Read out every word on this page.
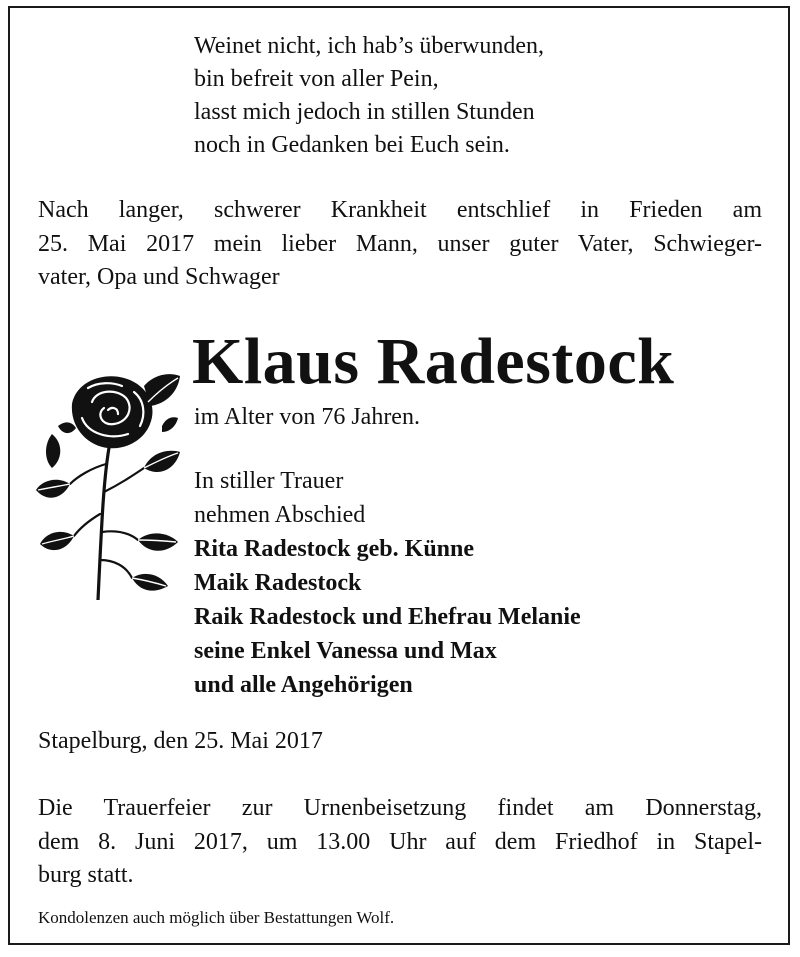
Weinet nicht, ich hab’s überwunden,
bin befreit von aller Pein,
lasst mich jedoch in stillen Stunden
noch in Gedanken bei Euch sein.
Nach langer, schwerer Krankheit entschlief in Frieden am
25. Mai 2017 mein lieber Mann, unser guter Vater, Schwieger-
vater, Opa und Schwager
Klaus Radestock
im Alter von 76 Jahren.
In stiller Trauer
nehmen Abschied
Rita Radestock geb. Künne
Maik Radestock
Raik Radestock und Ehefrau Melanie
seine Enkel Vanessa und Max
und alle Angehörigen
Stapelburg, den 25. Mai 2017
Die Trauerfeier zur Urnenbeisetzung findet am Donnerstag,
dem 8. Juni 2017, um 13.00 Uhr auf dem Friedhof in Stapel-
burg statt.
Kondolenzen auch möglich über Bestattungen Wolf.
